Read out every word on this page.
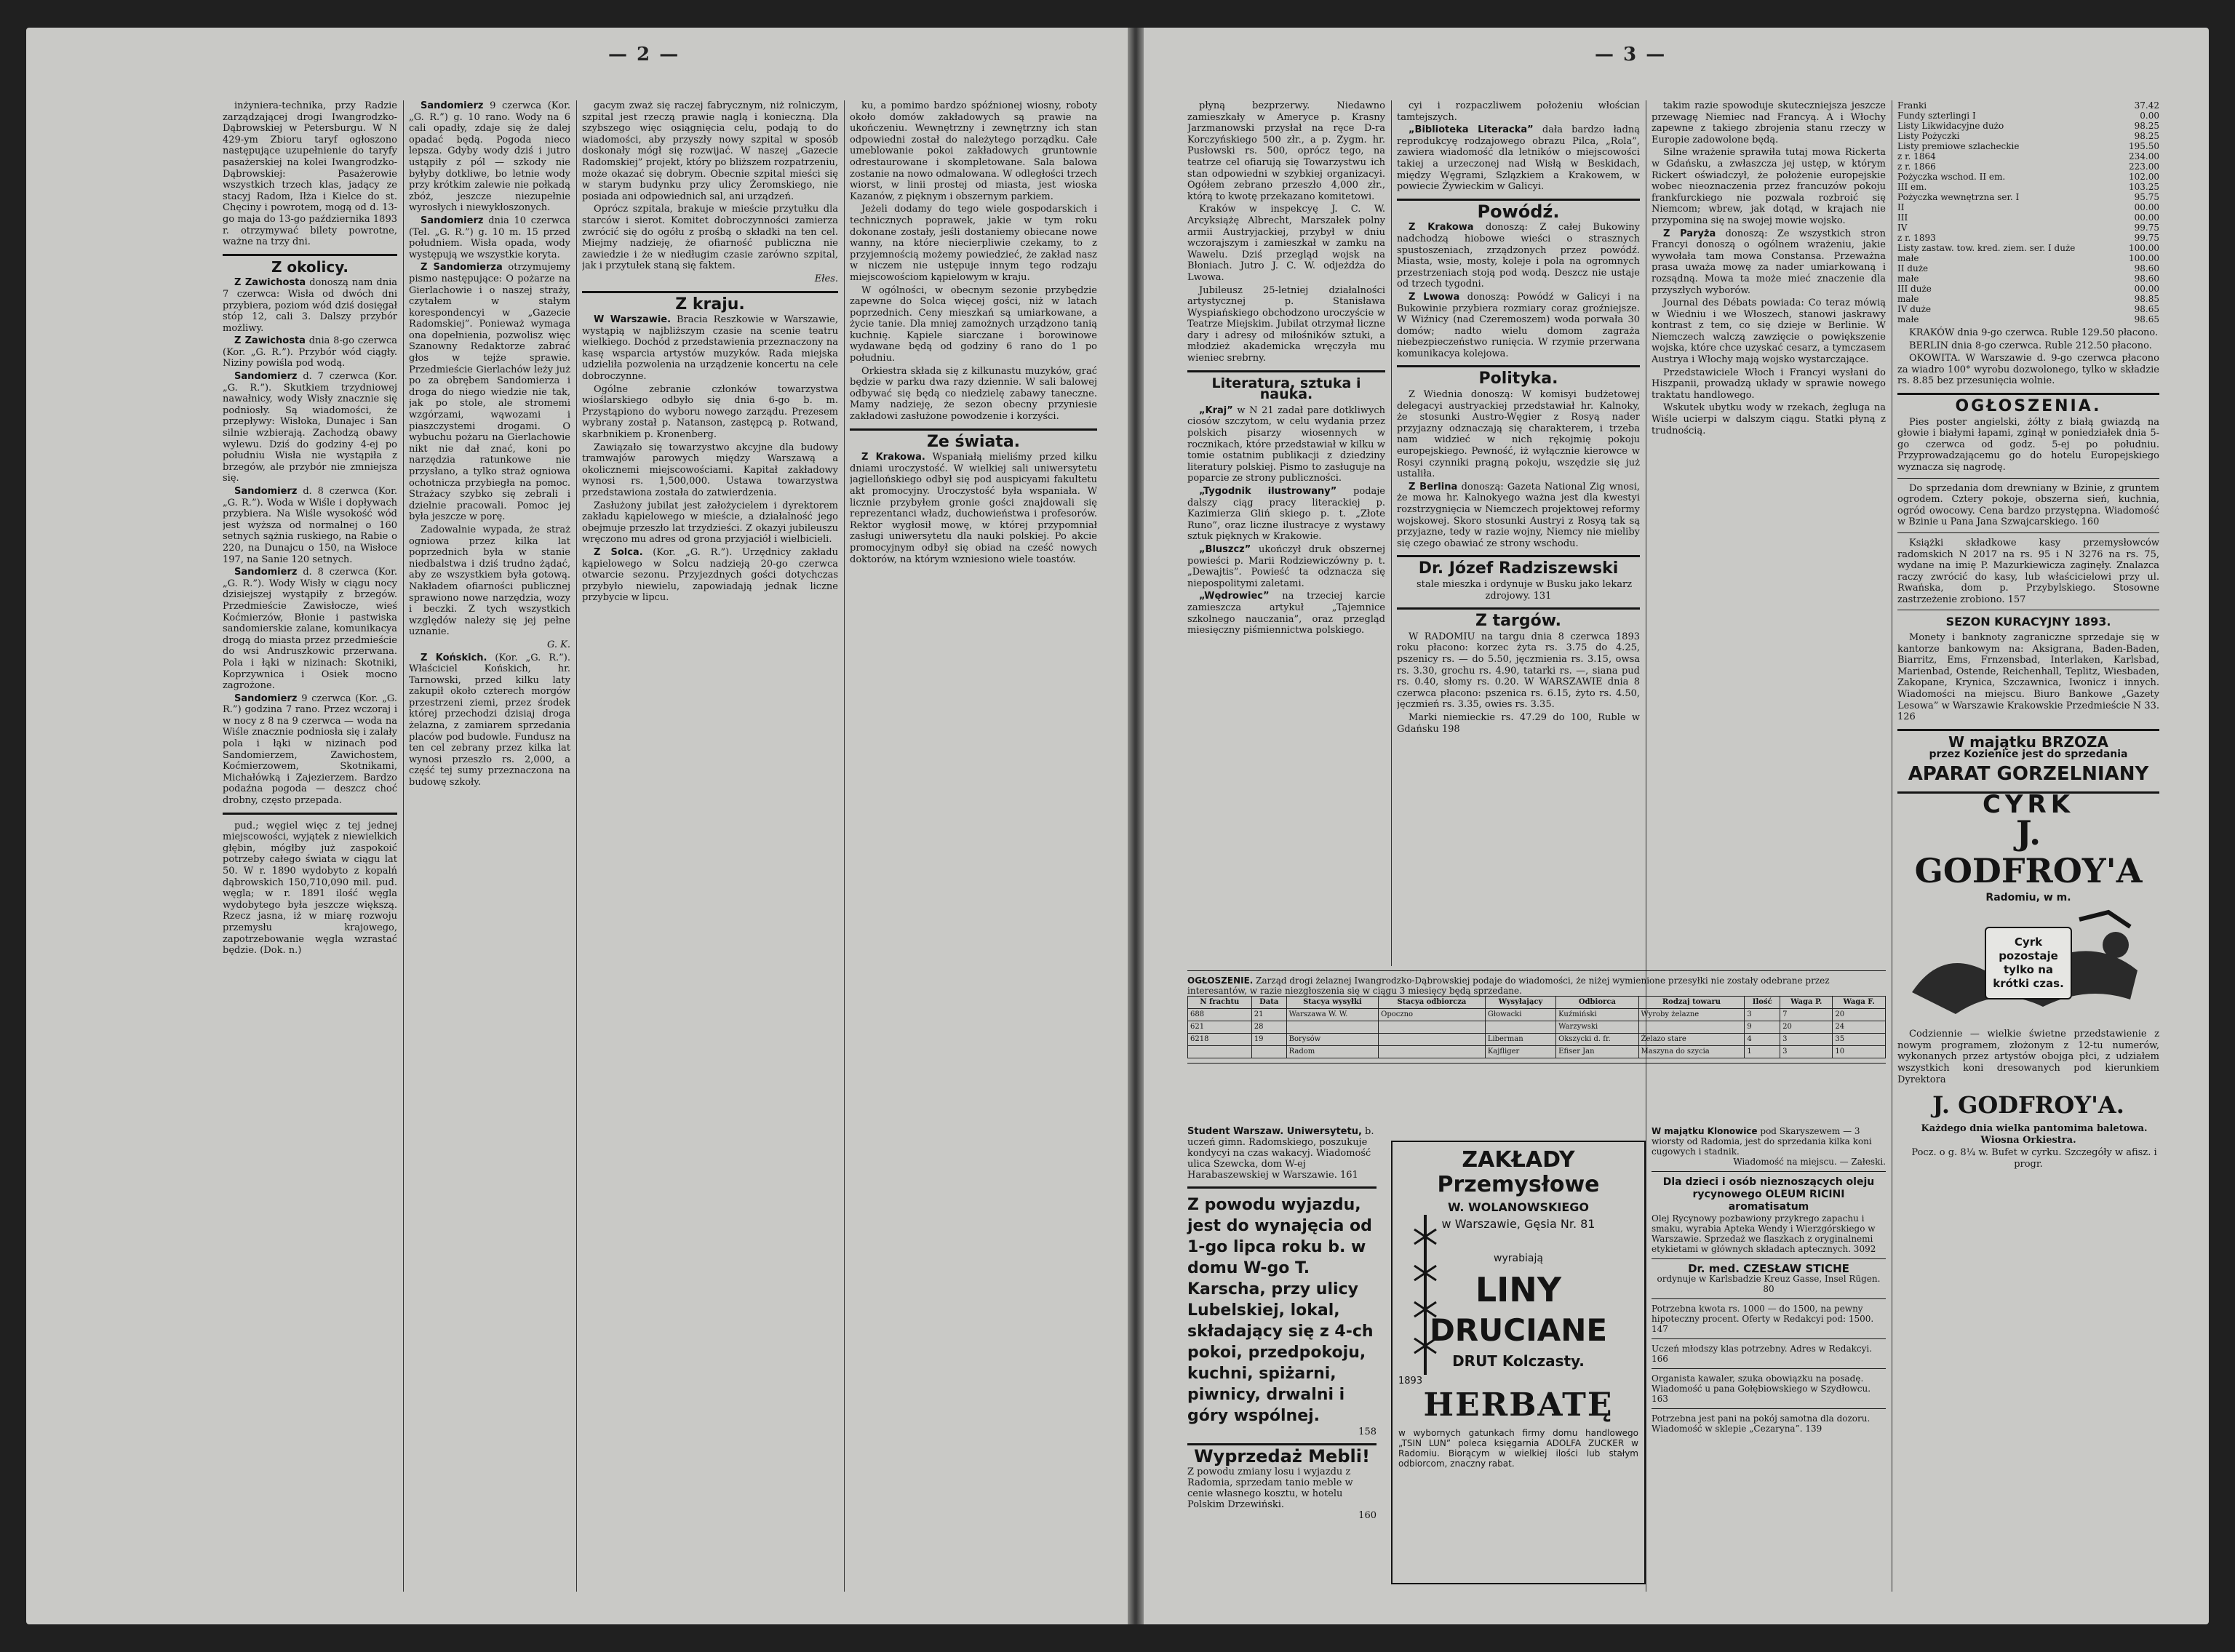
— 2 —

inżyniera-technika, przy Radzie zarządzającej drogi Iwangrodzko-Dąbrowskiej w Petersburgu. W N 429-ym Zbioru taryf ogłoszono następujące uzupełnienie do taryfy pasażerskiej na kolei Iwangrodzko-Dąbrowskiej: Pasażerowie wszystkich trzech klas, jadący ze stacyj Radom, Iłża i Kielce do st. Chęciny i powrotem, mogą od d. 13-go maja do 13-go października 1893 r. otrzymywać bilety powrotne, ważne na trzy dni.

Z okolicy.

Z Zawichosta donoszą nam dnia 7 czerwca: Wisła od dwóch dni przybiera, poziom wód dziś dosięgał stóp 12, cali 3. Dalszy przybór możliwy.

Z Zawichosta dnia 8-go czerwca (Kor. „G. R.”). Przybór wód ciągły. Niziny powiśla pod wodą.

Sandomierz d. 7 czerwca (Kor. „G. R.”). Skutkiem trzydniowej nawałnicy, wody Wisły znacznie się podniosły. Są wiadomości, że przepływy: Wisłoka, Dunajec i San silnie wzbierają. Zachodzą obawy wylewu. Dziś do godziny 4-ej po południu Wisła nie wystąpiła z brzegów, ale przybór nie zmniejsza się.

Sandomierz d. 8 czerwca (Kor. „G. R.”). Woda w Wiśle i dopływach przybiera. Na Wiśle wysokość wód jest wyższa od normalnej o 160 setnych sążnia ruskiego, na Rabie o 220, na Dunajcu o 150, na Wisłoce 197, na Sanie 120 setnych.

Sandomierz d. 8 czerwca (Kor. „G. R.”). Wody Wisły w ciągu nocy dzisiejszej wystąpiły z brzegów. Przedmieście Zawisłocze, wieś Koćmierzów, Błonie i pastwiska sandomierskie zalane, komunikacya drogą do miasta przez przedmieście do wsi Andruszkowic przerwana. Pola i łąki w nizinach: Skotniki, Koprzywnica i Osiek mocno zagrożone.

Sandomierz 9 czerwca (Kor. „G. R.”) godzina 7 rano. Przez wczoraj i w nocy z 8 na 9 czerwca — woda na Wiśle znacznie podniosła się i zalały pola i łąki w nizinach pod Sandomierzem, Zawichostem, Koćmierzowem, Skotnikami, Michałówką i Zajezierzem. Bardzo podaźna pogoda — deszcz choć drobny, często przepada.

pud.; węgiel więc z tej jednej miejscowości, wyjątek z niewielkich głębin, mógłby już zaspokoić potrzeby całego świata w ciągu lat 50. W r. 1890 wydobyto z kopalń dąbrowskich 150,710,090 mil. pud. węgla; w r. 1891 ilość węgla wydobytego była jeszcze większą. Rzecz jasna, iż w miarę rozwoju przemysłu krajowego, zapotrzebowanie węgla wzrastać będzie. (Dok. n.)

Sandomierz 9 czerwca (Kor. „G. R.”) g. 10 rano. Wody na 6 cali opadły, zdaje się że dalej opadać będą. Pogoda nieco lepsza. Gdyby wody dziś i jutro ustąpiły z pól — szkody nie byłyby dotkliwe, bo letnie wody przy krótkim zalewie nie połkadą zbóż, jeszcze niezupełnie wyrosłych i niewykłoszonych.

Sandomierz dnia 10 czerwca (Tel. „G. R.”) g. 10 m. 15 przed południem. Wisła opada, wody występują we wszystkie koryta.

Z Sandomierza otrzymujemy pismo następujące: O pożarze na Gierlachowie i o naszej straży, czytałem w stałym korespondencyi w „Gazecie Radomskiej”. Ponieważ wymaga ona dopełnienia, pozwolisz więc Szanowny Redaktorze zabrać głos w tejże sprawie. Przedmieście Gierlachów leży już po za obrębem Sandomierza i droga do niego wiedzie nie tak, jak po stole, ale stromemi wzgórzami, wąwozami i piaszczystemi drogami. O wybuchu pożaru na Gierlachowie nikt nie dał znać, koni po narzędzia ratunkowe nie przysłano, a tylko straż ogniowa ochotnicza przybiegła na pomoc. Strażacy szybko się zebrali i dzielnie pracowali. Pomoc jej była jeszcze w porę.

Zadowalnie wypada, że straż ogniowa przez kilka lat poprzednich była w stanie niedbalstwa i dziś trudno żądać, aby ze wszystkiem była gotową. Nakładem ofiarności publicznej sprawiono nowe narzędzia, wozy i beczki. Z tych wszystkich względów należy się jej pełne uznanie.

G. K.

Z Końskich. (Kor. „G. R.”). Właściciel Końskich, hr. Tarnowski, przed kilku laty zakupił około czterech morgów przestrzeni ziemi, przez środek której przechodzi dzisiaj droga żelazna, z zamiarem sprzedania placów pod budowle. Fundusz na ten cel zebrany przez kilka lat wynosi przeszło rs. 2,000, a część tej sumy przeznaczona na budowę szkoły.

gacym zważ się raczej fabrycznym, niż rolniczym, szpital jest rzeczą prawie naglą i konieczną. Dla szybszego więc osiągnięcia celu, podają to do wiadomości, aby przyszły nowy szpital w sposób doskonały mógł się rozwijać. W naszej „Gazecie Radomskiej” projekt, który po bliższem rozpatrzeniu, może okazać się dobrym. Obecnie szpital mieści się w starym budynku przy ulicy Żeromskiego, nie posiada ani odpowiednich sal, ani urządzeń.

Oprócz szpitala, brakuje w mieście przytułku dla starców i sierot. Komitet dobroczynności zamierza zwrócić się do ogółu z prośbą o składki na ten cel. Miejmy nadzieję, że ofiarność publiczna nie zawiedzie i że w niedługim czasie zarówno szpital, jak i przytułek staną się faktem.

Ełes.

Z kraju.

W Warszawie. Bracia Reszkowie w Warszawie, wystąpią w najbliższym czasie na scenie teatru wielkiego. Dochód z przedstawienia przeznaczony na kasę wsparcia artystów muzyków. Rada miejska udzieliła pozwolenia na urządzenie koncertu na cele dobroczynne.

Ogólne zebranie członków towarzystwa wioślarskiego odbyło się dnia 6-go b. m. Przystąpiono do wyboru nowego zarządu. Prezesem wybrany został p. Natanson, zastępcą p. Rotwand, skarbnikiem p. Kronenberg.

Zawiązało się towarzystwo akcyjne dla budowy tramwajów parowych między Warszawą a okolicznemi miejscowościami. Kapitał zakładowy wynosi rs. 1,500,000. Ustawa towarzystwa przedstawiona została do zatwierdzenia.

Zasłużony jubilat jest założycielem i dyrektorem zakładu kąpielowego w mieście, a działalność jego obejmuje przeszło lat trzydzieści. Z okazyi jubileuszu wręczono mu adres od grona przyjaciół i wielbicieli.

Z Solca. (Kor. „G. R.”). Urzędnicy zakładu kąpielowego w Solcu nadzieją 20-go czerwca otwarcie sezonu. Przyjezdnych gości dotychczas przybyło niewielu, zapowiadają jednak liczne przybycie w lipcu.

ku, a pomimo bardzo spóźnionej wiosny, roboty około domów zakładowych są prawie na ukończeniu. Wewnętrzny i zewnętrzny ich stan odpowiedni został do należytego porządku. Całe umeblowanie pokoi zakładowych gruntownie odrestaurowane i skompletowane. Sala balowa zostanie na nowo odmalowana. W odległości trzech wiorst, w linii prostej od miasta, jest wioska Kazanów, z pięknym i obszernym parkiem.

Jeżeli dodamy do tego wiele gospodarskich i technicznych poprawek, jakie w tym roku dokonane zostały, jeśli dostaniemy obiecane nowe wanny, na które niecierpliwie czekamy, to z przyjemnością możemy powiedzieć, że zakład nasz w niczem nie ustępuje innym tego rodzaju miejscowościom kąpielowym w kraju.

W ogólności, w obecnym sezonie przybędzie zapewne do Solca więcej gości, niż w latach poprzednich. Ceny mieszkań są umiarkowane, a życie tanie. Dla mniej zamożnych urządzono tanią kuchnię. Kąpiele siarczane i borowinowe wydawane będą od godziny 6 rano do 1 po południu.

Orkiestra składa się z kilkunastu muzyków, grać będzie w parku dwa razy dziennie. W sali balowej odbywać się będą co niedzielę zabawy taneczne. Mamy nadzieję, że sezon obecny przyniesie zakładowi zasłużone powodzenie i korzyści.

Ze świata.

Z Krakowa. Wspaniałą mieliśmy przed kilku dniami uroczystość. W wielkiej sali uniwersytetu jagiellońskiego odbył się pod auspicyami fakultetu akt promocyjny. Uroczystość była wspaniała. W licznie przybyłem gronie gości znajdowali się reprezentanci władz, duchowieństwa i profesorów. Rektor wygłosił mowę, w której przypomniał zasługi uniwersytetu dla nauki polskiej. Po akcie promocyjnym odbył się obiad na cześć nowych doktorów, na którym wzniesiono wiele toastów.

— 3 —

płyną bezprzerwy. Niedawno zamieszkały w Ameryce p. Krasny Jarzmanowski przysłał na ręce D-ra Korczyńskiego 500 złr., a p. Zygm. hr. Pusłowski rs. 500, oprócz tego, na teatrze cel ofiarują się Towarzystwu ich stan odpowiedni w szybkiej organizacyi. Ogółem zebrano przeszło 4,000 złr., którą to kwotę przekazano komitetowi.

Kraków w inspekcyę J. C. W. Arcyksiążę Albrecht, Marszałek polny armii Austryjackiej, przybył w dniu wczorajszym i zamieszkał w zamku na Wawelu. Dziś przegląd wojsk na Błoniach. Jutro J. C. W. odjeżdża do Lwowa.

Jubileusz 25-letniej działalności artystycznej p. Stanisława Wyspiańskiego obchodzono uroczyście w Teatrze Miejskim. Jubilat otrzymał liczne dary i adresy od miłośników sztuki, a młodzież akademicka wręczyła mu wieniec srebrny.

Literatura, sztuka i nauka.

„Kraj” w N 21 zadał pare dotkliwych ciosów szczytom, w celu wydania przez polskich pisarzy wiosennych w rocznikach, które przedstawiał w kilku w tomie ostatnim publikacji z dziedziny literatury polskiej. Pismo to zasługuje na poparcie ze strony publiczności.

„Tygodnik ilustrowany” podaje dalszy ciąg pracy literackiej p. Kazimierza Gliń skiego p. t. „Złote Runo”, oraz liczne ilustracye z wystawy sztuk pięknych w Krakowie.

„Bluszcz” ukończył druk obszernej powieści p. Marii Rodziewiczówny p. t. „Dewajtis”. Powieść ta odznacza się niepospolitymi zaletami.

„Wędrowiec” na trzeciej karcie zamieszcza artykuł „Tajemnice szkolnego nauczania”, oraz przegląd miesięczny piśmiennictwa polskiego.

cyi i rozpaczliwem położeniu włościan tamtejszych.

„Biblioteka Literacka” dała bardzo ładną reprodukcyę rodzajowego obrazu Pilca, „Rola”, zawiera wiadomość dla letników o miejscowości takiej a urzeczonej nad Wisłą w Beskidach, między Węgrami, Szlązkiem a Krakowem, w powiecie Żywieckim w Galicyi.

Powódź.

Z Krakowa donoszą: Z całej Bukowiny nadchodzą hiobowe wieści o strasznych spustoszeniach, zrządzonych przez powódź. Miasta, wsie, mosty, koleje i pola na ogromnych przestrzeniach stoją pod wodą. Deszcz nie ustaje od trzech tygodni.

Z Lwowa donoszą: Powódź w Galicyi i na Bukowinie przybiera rozmiary coraz groźniejsze. W Wiźnicy (nad Czeremoszem) woda porwała 30 domów; nadto wielu domom zagraża niebezpieczeństwo runięcia. W rzymie przerwana komunikacya kolejowa.

Polityka.

Z Wiednia donoszą: W komisyi budżetowej delegacyi austryackiej przedstawiał hr. Kalnoky, że stosunki Austro-Węgier z Rosyą nader przyjazny odznaczają się charakterem, i trzeba nam widzieć w nich rękojmię pokoju europejskiego. Pewność, iż wyłącznie kierowce w Rosyi czynniki pragną pokoju, wszędzie się już ustaliła.

Z Berlina donoszą: Gazeta National Zig wnosi, że mowa hr. Kalnokyego ważna jest dla kwestyi rozstrzygnięcia w Niemczech projektowej reformy wojskowej. Skoro stosunki Austryi z Rosyą tak są przyjazne, tedy w razie wojny, Niemcy nie mieliby się czego obawiać ze strony wschodu.

Dr. Józef Radziszewski

stale mieszka i ordynuje w Busku jako lekarz zdrojowy. 131

Z targów.

W RADOMIU na targu dnia 8 czerwca 1893 roku płacono: korzec żyta rs. 3.75 do 4.25, pszenicy rs. — do 5.50, jęczmienia rs. 3.15, owsa rs. 3.30, grochu rs. 4.90, tatarki rs. —, siana pud rs. 0.40, słomy rs. 0.20. W WARSZAWIE dnia 8 czerwca płacono: pszenica rs. 6.15, żyto rs. 4.50, jęczmień rs. 3.35, owies rs. 3.35.

Marki niemieckie rs. 47.29 do 100, Ruble w Gdańsku 198

takim razie spowoduje skuteczniejsza jeszcze przewagę Niemiec nad Francyą. A i Włochy zapewne z takiego zbrojenia stanu rzeczy w Europie zadowolone będą.

Silne wrażenie sprawiła tutaj mowa Rickerta w Gdańsku, a zwłaszcza jej ustęp, w którym Rickert oświadczył, że położenie europejskie wobec nieoznaczenia przez francuzów pokoju frankfurckiego nie pozwala rozbroić się Niemcom; wbrew, jak dotąd, w krajach nie przypomina się na swojej mowie wojsko.

Z Paryża donoszą: Ze wszystkich stron Francyi donoszą o ogólnem wrażeniu, jakie wywołała tam mowa Constansa. Przeważna prasa uważa mowę za nader umiarkowaną i rozsądną. Mowa ta może mieć znaczenie dla przyszłych wyborów.

Journal des Débats powiada: Co teraz mówią w Wiedniu i we Włoszech, stanowi jaskrawy kontrast z tem, co się dzieje w Berlinie. W Niemczech walczą zawzięcie o powiększenie wojska, które chce uzyskać cesarz, a tymczasem Austrya i Włochy mają wojsko wystarczające.

Przedstawiciele Włoch i Francyi wysłani do Hiszpanii, prowadzą układy w sprawie nowego traktatu handlowego.

Wskutek ubytku wody w rzekach, żegluga na Wiśle ucierpi w dalszym ciągu. Statki płyną z trudnością.

OGŁOSZENIE. Zarząd drogi żelaznej Iwangrodzko-Dąbrowskiej podaje do wiadomości, że niżej wymienione przesyłki nie zostały odebrane przez interesantów, w razie niezgłoszenia się w ciągu 3 miesięcy będą sprzedane.

N frachtu	Data	Stacya wysyłki	Stacya odbiorcza	Wysyłający	Odbiorca	Rodzaj towaru	Ilość	Waga P.	Waga F.
688	21	Warszawa W. W.	Opoczno	Głowacki	Kuźmiński	Wyroby żelazne	3	7	20
621	28				Warzywski		9	20	24
6218	19	Borysów		Liberman	Okszycki d. fr.	Żelazo stare	4	3	35
		Radom		Kajfliger	Efiser Jan	Maszyna do szycia	1	3	10

Student Warszaw. Uniwersytetu, b. uczeń gimn. Radomskiego, poszukuje kondycyi na czas wakacyj. Wiadomość ulica Szewcka, dom W-ej Harabaszewskiej w Warszawie. 161

Z powodu wyjazdu, jest do wynajęcia od 1-go lipca roku b. w domu W-go T. Karscha, przy ulicy Lubelskiej, lokal, składający się z 4-ch pokoi, przedpokoju, kuchni, spiżarni, piwnicy, drwalni i góry wspólnej.

158

Wyprzedaż Mebli!

Z powodu zmiany losu i wyjazdu z Radomia, sprzedam tanio meble w cenie własnego kosztu, w hotelu Polskim Drzewiński.

160

ZAKŁADY Przemysłowe
W. WOLANOWSKIEGO
w Warszawie, Gęsia Nr. 81
wyrabiają
LINY
DRUCIANE
DRUT Kolczasty.
1893
HERBATĘ
w wybornych gatunkach firmy domu handlowego „TSIN LUN” poleca księgarnia ADOLFA ZUCKER w Radomiu. Biorącym w wielkiej ilości lub stałym odbiorcom, znaczny rabat.

W majątku Klonowice pod Skaryszewem — 3 wiorsty od Radomia, jest do sprzedania kilka koni cugowych i stadnik.

Wiadomość na miejscu. — Załeski.

Dla dzieci i osób nieznoszących oleju rycynowego OLEUM RICINI aromatisatum

Olej Rycynowy pozbawiony przykrego zapachu i smaku, wyrabia Apteka Wendy i Wierzgórskiego w Warszawie. Sprzedaż we flaszkach z oryginalnemi etykietami w głównych składach aptecznych. 3092

Dr. med. CZESŁAW STICHE

ordynuje w Karlsbadzie Kreuz Gasse, Insel Rügen. 80

Potrzebna kwota rs. 1000 — do 1500, na pewny hipoteczny procent. Oferty w Redakcyi pod: 1500. 147

Uczeń młodszy klas potrzebny. Adres w Redakcyi. 166

Organista kawaler, szuka obowiązku na posadę. Wiadomość u pana Gołębiowskiego w Szydłowcu. 163

Potrzebna jest pani na pokój samotna dla dozoru. Wiadomość w sklepie „Cezaryna”. 139

Franki	37.42
Fundy szterlingi I	0.00
Listy Likwidacyjne dużo	98.25
Listy Pożyczki	98.25
Listy premiowe szlacheckie	195.50
z r. 1864	234.00
z r. 1866	223.00
Pożyczka wschod. II em.	102.00
III em.	103.25
Pożyczka wewnętrzna ser. I	95.75
II	00.00
III	00.00
IV	99.75
z r. 1893	99.75
Listy zastaw. tow. kred. ziem. ser. I duże	100.00
małe	100.00
II duże	98.60
małe	98.60
III duże	00.00
małe	98.85
IV duże	98.65
małe	98.65

KRAKÓW dnia 9-go czerwca. Ruble 129.50 płacono.

BERLIN dnia 8-go czerwca. Ruble 212.50 płacono.

OKOWITA. W Warszawie d. 9-go czerwca płacono za wiadro 100° wyrobu dozwolonego, tylko w składzie rs. 8.85 bez przesunięcia wolnie.

OGŁOSZENIA.

Pies poster angielski, żółty z białą gwiazdą na głowie i białymi łapami, zginął w poniedziałek dnia 5-go czerwca od godz. 5-ej po południu. Przyprowadzającemu go do hotelu Europejskiego wyznacza się nagrodę.

Do sprzedania dom drewniany w Bzinie, z gruntem ogrodem. Cztery pokoje, obszerna sień, kuchnia, ogród owocowy. Cena bardzo przystępna. Wiadomość w Bzinie u Pana Jana Szwajcarskiego. 160

Książki składkowe kasy przemysłowców radomskich N 2017 na rs. 95 i N 3276 na rs. 75, wydane na imię P. Mazurkiewicza zaginęły. Znalazca raczy zwrócić do kasy, lub właścicielowi przy ul. Rwańska, dom p. Przybylskiego. Stosowne zastrzeżenie zrobiono. 157

SEZON KURACYJNY 1893.

Monety i banknoty zagraniczne sprzedaje się w kantorze bankowym na: Aksigrana, Baden-Baden, Biarritz, Ems, Frnzensbad, Interlaken, Karlsbad, Marienbad, Ostende, Reichenhall, Teplitz, Wiesbaden, Zakopane, Krynica, Szczawnica, Iwonicz i innych. Wiadomości na miejscu. Biuro Bankowe „Gazety Lesowa” w Warszawie Krakowskie Przedmieście N 33. 126

W majątku BRZOZA
przez Kozienice jest do sprzedania
APARAT GORZELNIANY
CYRK
J. GODFROY'A
Radomiu, w m.
Cyrk pozostaje tylko na krótki czas.

Codziennie — wielkie świetne przedstawienie z nowym programem, złożonym z 12-tu numerów, wykonanych przez artystów obojga płci, z udziałem wszystkich koni dresowanych pod kierunkiem Dyrektora

J. GODFROY'A.

Każdego dnia wielka pantomima baletowa. Wiosna Orkiestra.

Pocz. o g. 8¼ w. Bufet w cyrku. Szczegóły w afisz. i progr.
